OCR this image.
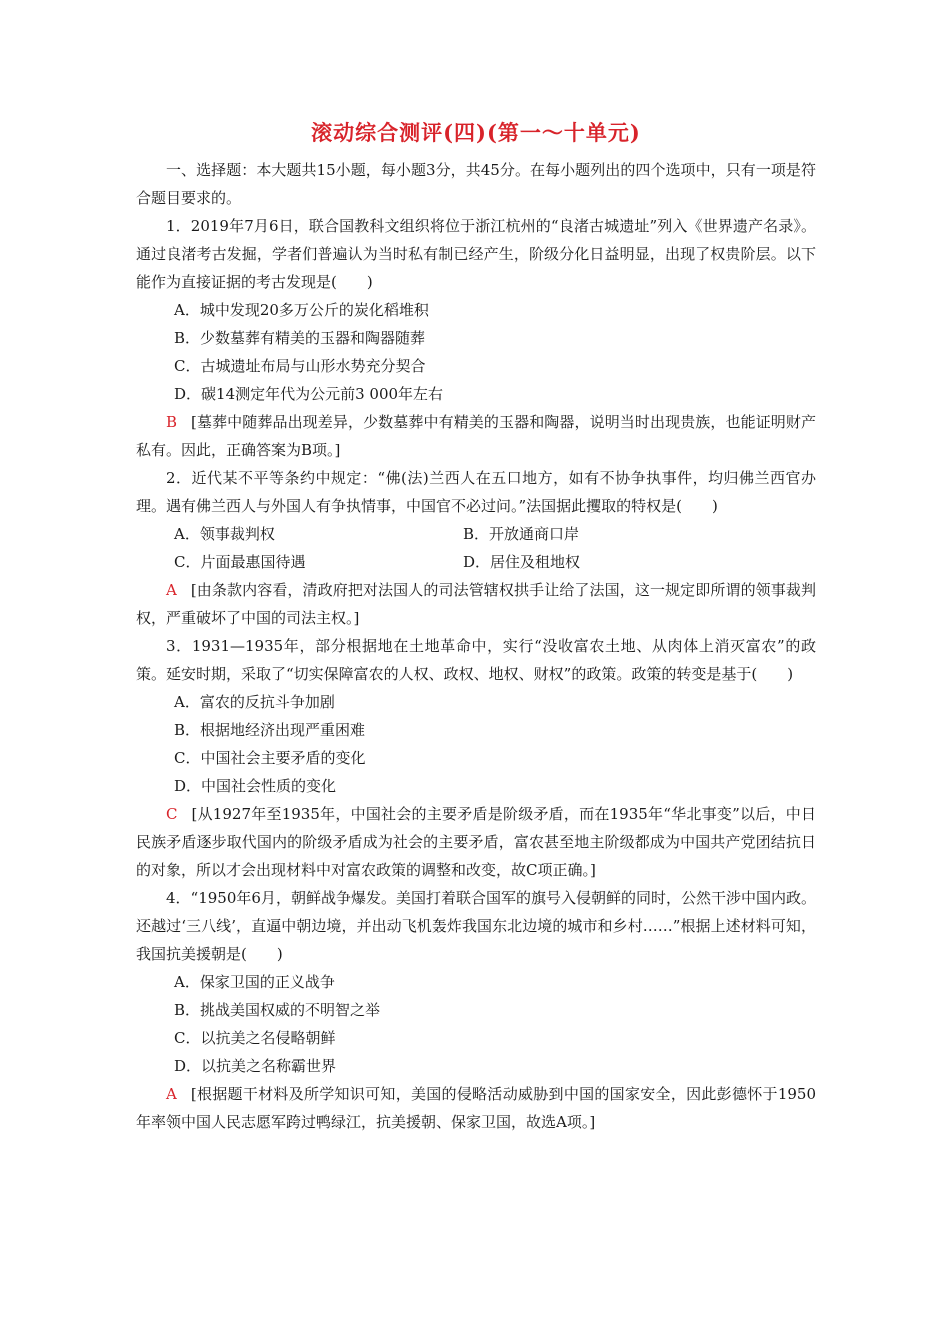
滚动综合测评(四)(第一～十单元)

一、选择题：本大题共15小题，每小题3分，共45分。在每小题列出的四个选项中，只有一项是符合题目要求的。

1．2019年7月6日，联合国教科文组织将位于浙江杭州的“良渚古城遗址”列入《世界遗产名录》。通过良渚考古发掘，学者们普遍认为当时私有制已经产生，阶级分化日益明显，出现了权贵阶层。以下能作为直接证据的考古发现是(　　)

A．城中发现20多万公斤的炭化稻堆积

B．少数墓葬有精美的玉器和陶器随葬

C．古城遗址布局与山形水势充分契合

D．碳14测定年代为公元前3 000年左右

B [墓葬中随葬品出现差异，少数墓葬中有精美的玉器和陶器，说明当时出现贵族，也能证明财产私有。因此，正确答案为B项。]

2．近代某不平等条约中规定：“佛(法)兰西人在五口地方，如有不协争执事件，均归佛兰西官办理。遇有佛兰西人与外国人有争执情事，中国官不必过问。”法国据此攫取的特权是(　　)

A．领事裁判权	B．开放通商口岸
C．片面最惠国待遇	D．居住及租地权

A [由条款内容看，清政府把对法国人的司法管辖权拱手让给了法国，这一规定即所谓的领事裁判权，严重破坏了中国的司法主权。]

3．1931—1935年，部分根据地在土地革命中，实行“没收富农土地、从肉体上消灭富农”的政策。延安时期，采取了“切实保障富农的人权、政权、地权、财权”的政策。政策的转变是基于(　　)

A．富农的反抗斗争加剧

B．根据地经济出现严重困难

C．中国社会主要矛盾的变化

D．中国社会性质的变化

C [从1927年至1935年，中国社会的主要矛盾是阶级矛盾，而在1935年“华北事变”以后，中日民族矛盾逐步取代国内的阶级矛盾成为社会的主要矛盾，富农甚至地主阶级都成为中国共产党团结抗日的对象，所以才会出现材料中对富农政策的调整和改变，故C项正确。]

4．“1950年6月，朝鲜战争爆发。美国打着联合国军的旗号入侵朝鲜的同时，公然干涉中国内政。还越过‘三八线’，直逼中朝边境，并出动飞机轰炸我国东北边境的城市和乡村……”根据上述材料可知，我国抗美援朝是(　　)

A．保家卫国的正义战争

B．挑战美国权威的不明智之举

C．以抗美之名侵略朝鲜

D．以抗美之名称霸世界

A [根据题干材料及所学知识可知，美国的侵略活动威胁到中国的国家安全，因此彭德怀于1950年率领中国人民志愿军跨过鸭绿江，抗美援朝、保家卫国，故选A项。]
